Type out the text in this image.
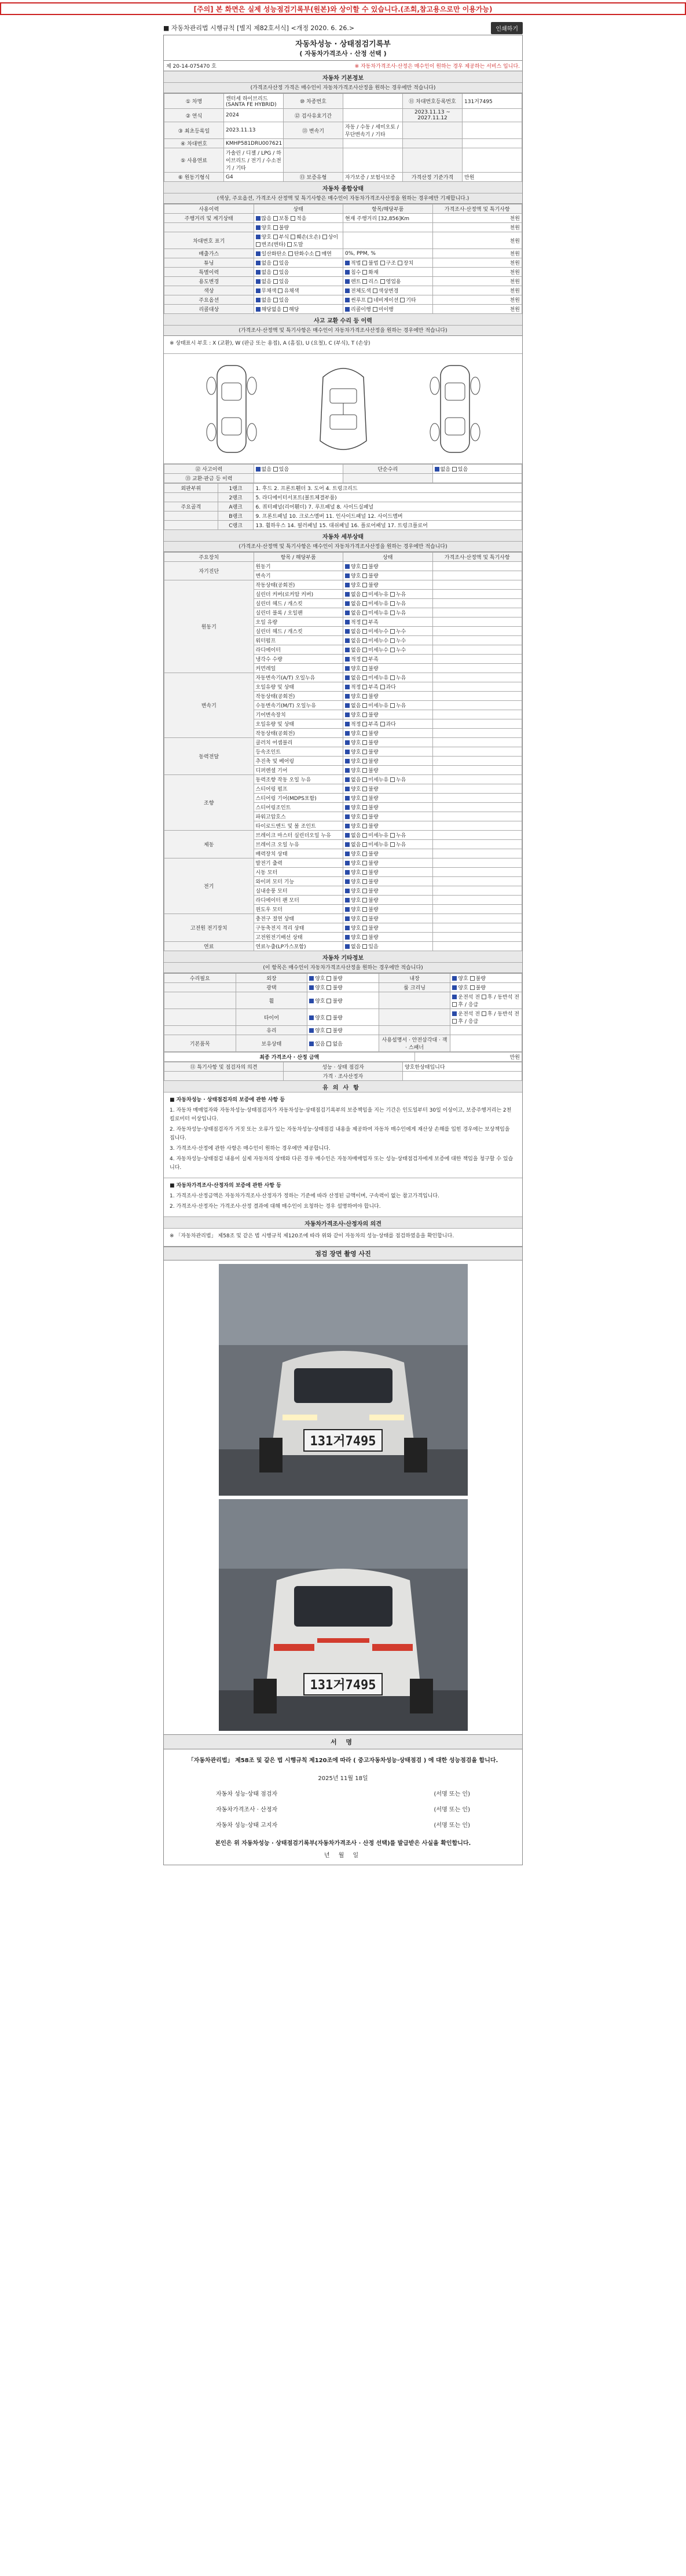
[주의] 본 화면은 실제 성능점검기록부(원본)와 상이할 수 있습니다.(조회,참고용으로만 이용가능)
■ 자동차관리법 시행규칙 [별지 제82호서식] <개정 2020. 6. 26.>	인쇄하기
자동차성능 · 상태점검기록부
( 자동차가격조사 · 산정 선택 )
제 20-14-075470 호	※ 자동차가격조사·산정은 매수인이 원하는 경우 제공하는 서비스 입니다.
자동차 기본정보
(가격조사산정 가격은 매수인이 자동차가격조사산정을 원하는 경우에만 적습니다)
① 차명	캔터세 하이브리드(SANTA FE HYBRID)	⑩ 차종번호		⑪ 차대번호등록번호	131거7495
② 연식	2024	⑫ 검사유효기간		2023.11.13 ~ 2027.11.12	
③ 최초등록일	2023.11.13	⑬ 변속기	자동 / 수동 / 세미오토 / 무단변속기 / 기타		
④ 차대번호	KMHP581DRU007621				
⑤ 사용연료	가솔린 / 디젤 / LPG / 하이브리드 / 전기 / 수소전기 / 기타				
⑥ 원동기형식	G4	⑬ 보증유형	자가보증 / 보험사보증	가격산정 기준가격	만원
자동차 종합상태
(색상, 주요옵션, 가격조사 산정액 및 특기사항은 매수인이 자동차가격조사산정을 원하는 경우에만 기재합니다.)
사용이력	상태	항목/해당부품	가격조사·산정액 및 특기사항
주행거리 및 계기상태	많음 보통 적음	현재 주행거리 [32,856]Km	천원
	양호 불량		천원
차대번호 표기	양호 부식 훼손(오손) 상이 변조(변타) 도말		천원
배출가스	일산화탄소 탄화수소 매연	0%, PPM, %	천원
튜닝	없음 있음	적법 불법 구조 장치	천원
특별이력	없음 있음	침수 화재	천원
용도변경	없음 있음	렌트 리스 영업용	천원
색상	무채색 유채색	전체도색 색상변경	천원
주요옵션	없음 있음	썬루프 네비게이션 기타	천원
리콜대상	해당없음 해당	리콜이행 미이행	천원
사고 교환 수리 등 이력
(가격조사·산정액 및 특기사항은 매수인이 자동차가격조사산정을 원하는 경우에만 적습니다)

※ 상태표시 부호 : X (교환), W (판금 또는 용접), A (흠집), U (요철), C (부식), T (손상)

⑫ 사고이력	없음 있음	단순수리	없음 있음
⑬ 교환·판금 등 이력			
외판부위	1랭크	1. 후드 2. 프론트휀더 3. 도어 4. 트렁크리드
	2랭크	5. 라디에이터서포트(볼트체결부품)
주요골격	A랭크	6. 쿼터패널(리어휀더) 7. 루프패널 8. 사이드실패널
	B랭크	9. 프론트패널 10. 크로스멤버 11. 인사이드패널 12. 사이드멤버
	C랭크	13. 휠하우스 14. 필러패널 15. 대쉬패널 16. 플로어패널 17. 트렁크플로어
자동차 세부상태
(가격조사·산정액 및 특기사항은 매수인이 자동차가격조사산정을 원하는 경우에만 적습니다)
주요장치	항목 / 해당부품	상태	가격조사·산정액 및 특기사항
자기진단	원동기	양호 불량	
	변속기	양호 불량	
원동기	작동상태(공회전)	양호 불량	
	실린더 커버(로커암 커버)	없음 미세누유 누유	
	실린더 헤드 / 개스킷	없음 미세누유 누유	
	실린더 블록 / 오일팬	없음 미세누유 누유	
	오일 유량	적정 부족	
	실린더 헤드 / 개스킷	없음 미세누수 누수	
	워터펌프	없음 미세누수 누수	
	라디에이터	없음 미세누수 누수	
	냉각수 수량	적정 부족	
	커먼레일	양호 불량	
변속기	자동변속기(A/T) 오일누유	없음 미세누유 누유	
	오일유량 및 상태	적정 부족 과다	
	작동상태(공회전)	양호 불량	
	수동변속기(M/T) 오일누유	없음 미세누유 누유	
	기어변속장치	양호 불량	
	오일유량 및 상태	적정 부족 과다	
	작동상태(공회전)	양호 불량	
동력전달	클러치 어셈블리	양호 불량	
	등속조인트	양호 불량	
	추진축 및 베어링	양호 불량	
	디퍼렌셜 기어	양호 불량	
조향	동력조향 작동 오일 누유	없음 미세누유 누유	
	스티어링 펌프	양호 불량	
	스티어링 기어(MDPS포함)	양호 불량	
	스티어링조인트	양호 불량	
	파워고압호스	양호 불량	
	타이로드엔드 및 볼 조인트	양호 불량	
제동	브레이크 마스터 실린더오일 누유	없음 미세누유 누유	
	브레이크 오일 누유	없음 미세누유 누유	
	배력장치 상태	양호 불량	
전기	발전기 출력	양호 불량	
	시동 모터	양호 불량	
	와이퍼 모터 기능	양호 불량	
	실내송풍 모터	양호 불량	
	라디에이터 팬 모터	양호 불량	
	윈도우 모터	양호 불량	
고전원 전기장치	충전구 절연 상태	양호 불량	
	구동축전지 격리 상태	양호 불량	
	고전원전기배선 상태	양호 불량	
연료	연료누출(LP가스포함)	없음 있음	
자동차 기타정보
(이 항목은 매수인이 자동차가격조사산정을 원하는 경우에만 적습니다)
수리필요	외장	양호 불량	내장	양호 불량
	광택	양호 불량	룸 크리닝	양호 불량
	휠	양호 불량		운전석 전 후 / 동반석 전 후 / 응급
	타이어	양호 불량		운전석 전 후 / 동반석 전 후 / 응급
	유리	양호 불량		
기본품목	보유상태	있음 없음	사용설명서 · 안전삼각대 · 잭 · 스패너	
최종 가격조사 · 산정 금액	만원
⑪ 특기사항 및 점검자의 의견	성능 · 상태 점검자	양호한상태입니다
	가격 · 조사산정자	
유의사항

■ 자동차성능 · 상태점검자의 보증에 관한 사항 등

1. 자동차 매매업자와 자동차성능·상태점검자가 자동차성능·상태점검기록부의 보증책임을 지는 기간은 인도일부터 30일 이상이고, 보증주행거리는 2천 킬로미터 이상입니다.

2. 자동차성능·상태점검자가 거짓 또는 오류가 있는 자동차성능·상태점검 내용을 제공하여 자동차 매수인에게 재산상 손해를 입힌 경우에는 보상책임을 집니다.

3. 가격조사·산정에 관한 사항은 매수인이 원하는 경우에만 제공합니다.

4. 자동차성능·상태점검 내용이 실제 자동차의 상태와 다른 경우 매수인은 자동차매매업자 또는 성능·상태점검자에게 보증에 대한 책임을 청구할 수 있습니다.

■ 자동차가격조사·산정자의 보증에 관한 사항 등

1. 가격조사·산정금액은 자동차가격조사·산정자가 정하는 기준에 따라 산정된 금액이며, 구속력이 없는 참고가격입니다.

2. 가격조사·산정자는 가격조사·산정 결과에 대해 매수인이 요청하는 경우 설명하여야 합니다.

자동차가격조사·산정자의 의견

※ 「자동차관리법」 제58조 및 같은 법 시행규칙 제120조에 따라 위와 같이 자동차의 성능·상태를 점검하였음을 확인합니다.

점검 장면 촬영 사진
131거7495
131거7495
서 명
「자동차관리법」 제58조 및 같은 법 시행규칙 제120조에 따라 ( 중고자동차성능·상태점검 ) 에 대한 성능점검을 합니다.
2025년 11월 18일
자동차 성능·상태 점검자	(서명 또는 인)
자동차가격조사 · 산정자	(서명 또는 인)
자동차 성능·상태 고지자	(서명 또는 인)
본인은 위 자동차성능 · 상태점검기록부(자동차가격조사 · 산정 선택)를 발급받은 사실을 확인합니다.
년 월 일
